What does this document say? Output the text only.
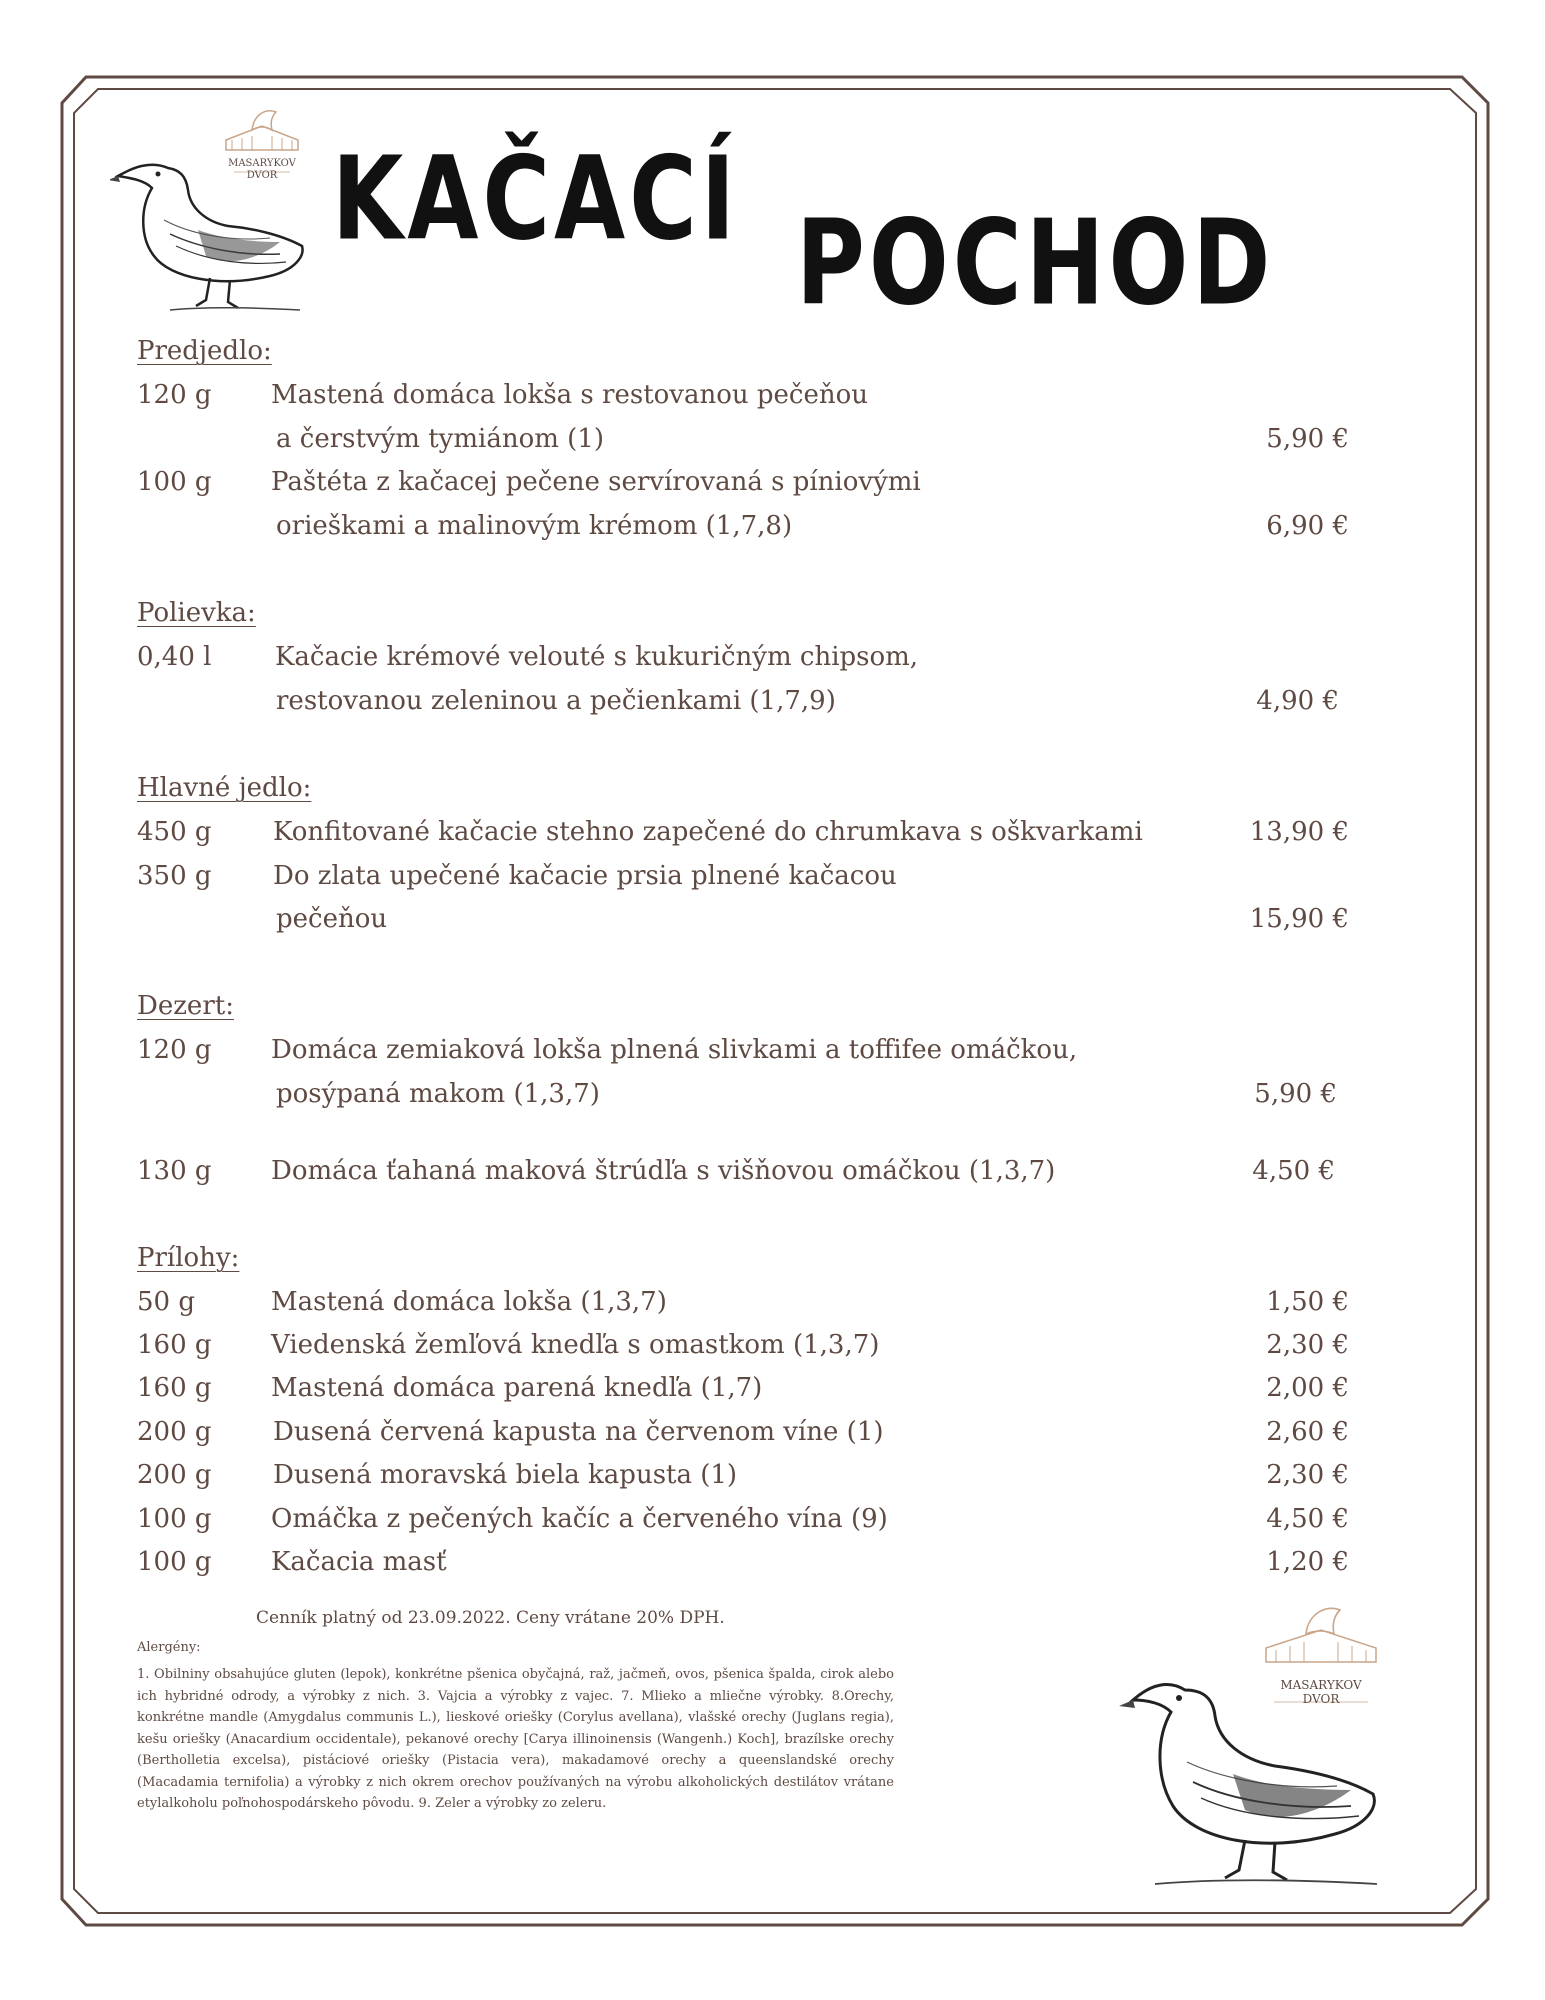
MASARYKOV
DVOR KAČACÍ POCHOD
Predjedlo:
120 g Mastená domáca lokša s restovanou pečeňou
a čerstvým tymiánom (1)	5,90 €
100 g Paštéta z kačacej pečene servírovaná s píniovými
orieškami a malinovým krémom (1,7,8)	6,90 €
Polievka:
0,40 l Kačacie krémové velouté s kukuričným chipsom,
restovanou zeleninou a pečienkami (1,7,9)	4,90 €
Hlavné jedlo:
450 g Konfitované kačacie stehno zapečené do chrumkava s oškvarkami	13,90 €
350 g Do zlata upečené kačacie prsia plnené kačacou
pečeňou	15,90 €
Dezert:
120 g Domáca zemiaková lokša plnená slivkami a toffifee omáčkou,
posýpaná makom (1,3,7)	5,90 €
130 g Domáca ťahaná maková štrúdľa s višňovou omáčkou (1,3,7)	4,50 €
Prílohy:
50 g	Mastená domáca lokša (1,3,7)	1,50 €
160 g Viedenská žemľová knedľa s omastkom (1,3,7)	2,30 €
160 g Mastená domáca parená knedľa (1,7)	2,00 €
200 g Dusená červená kapusta na červenom víne (1)	2,60 €
200 g Dusená moravská biela kapusta (1)	2,30 €
100 g Omáčka z pečených kačíc a červeného vína (9)	4,50 €
100 g Kačacia masť	1,20 €
Cenník platný od 23.09.2022. Ceny vrátane 20% DPH.
Alergény:
1. Obilniny obsahujúce gluten (lepok), konkrétne pšenica obyčajná, raž, jačmeň, ovos, pšenica špalda, cirok alebo ich hybridné odrody, a výrobky z nich. 3. Vajcia a výrobky z vajec. 7. Mlieko a mliečne výrobky. 8.Orechy, konkrétne mandle (Amygdalus communis L.), lieskové oriešky (Corylus avellana), vlašské orechy (Juglans regia), kešu oriešky (Anacardium occidentale), pekanové orechy [Carya illinoinensis (Wangenh.) Koch], brazílske orechy (Bertholletia excelsa), pistáciové oriešky (Pistacia vera), makadamové orechy a queenslandské orechy (Macadamia ternifolia) a výrobky z nich okrem orechov používaných na výrobu alkoholických destilátov vrátane etylalkoholu poľnohospodárskeho pôvodu. 9. Zeler a výrobky zo zeleru.
MASARYKOV
DVOR
